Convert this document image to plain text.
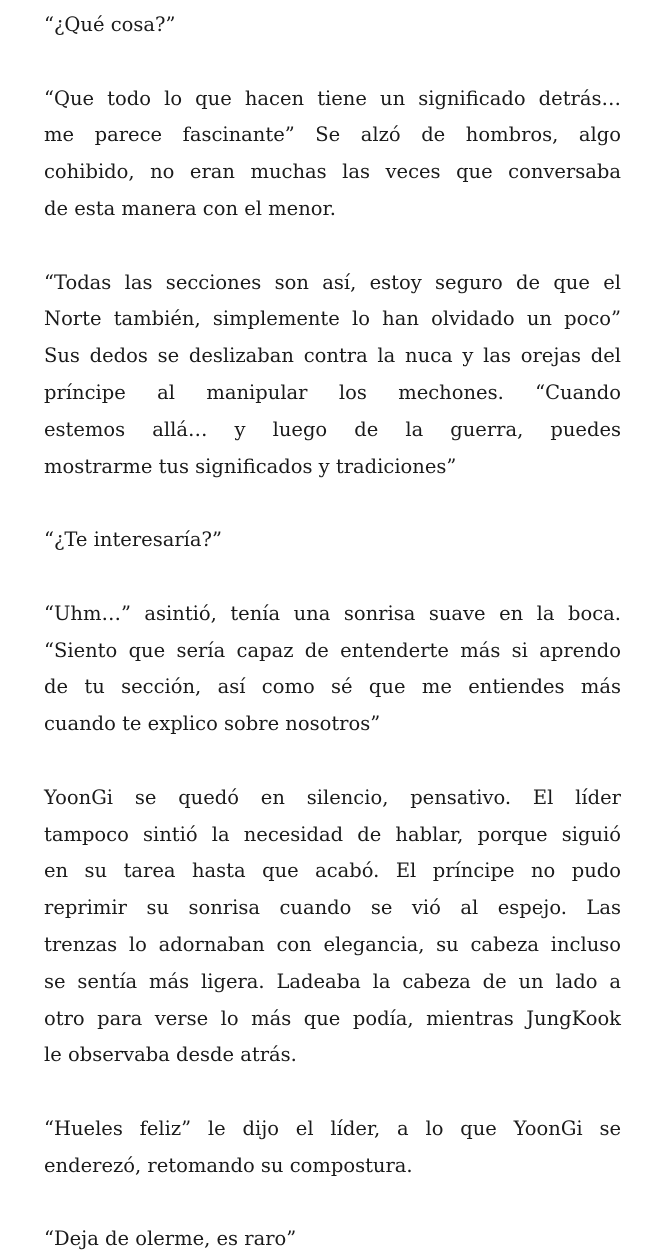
“¿Qué cosa?”
“Que todo lo que hacen tiene un significado detrás…
me parece fascinante” Se alzó de hombros, algo
cohibido, no eran muchas las veces que conversaba
de esta manera con el menor.
“Todas las secciones son así, estoy seguro de que el
Norte también, simplemente lo han olvidado un poco”
Sus dedos se deslizaban contra la nuca y las orejas del
príncipe al manipular los mechones. “Cuando
estemos allá… y luego de la guerra, puedes
mostrarme tus significados y tradiciones”
“¿Te interesaría?”
“Uhm…” asintió, tenía una sonrisa suave en la boca.
“Siento que sería capaz de entenderte más si aprendo
de tu sección, así como sé que me entiendes más
cuando te explico sobre nosotros”
YoonGi se quedó en silencio, pensativo. El líder
tampoco sintió la necesidad de hablar, porque siguió
en su tarea hasta que acabó. El príncipe no pudo
reprimir su sonrisa cuando se vió al espejo. Las
trenzas lo adornaban con elegancia, su cabeza incluso
se sentía más ligera. Ladeaba la cabeza de un lado a
otro para verse lo más que podía, mientras JungKook
le observaba desde atrás.
“Hueles feliz” le dijo el líder, a lo que YoonGi se
enderezó, retomando su compostura.
“Deja de olerme, es raro”
